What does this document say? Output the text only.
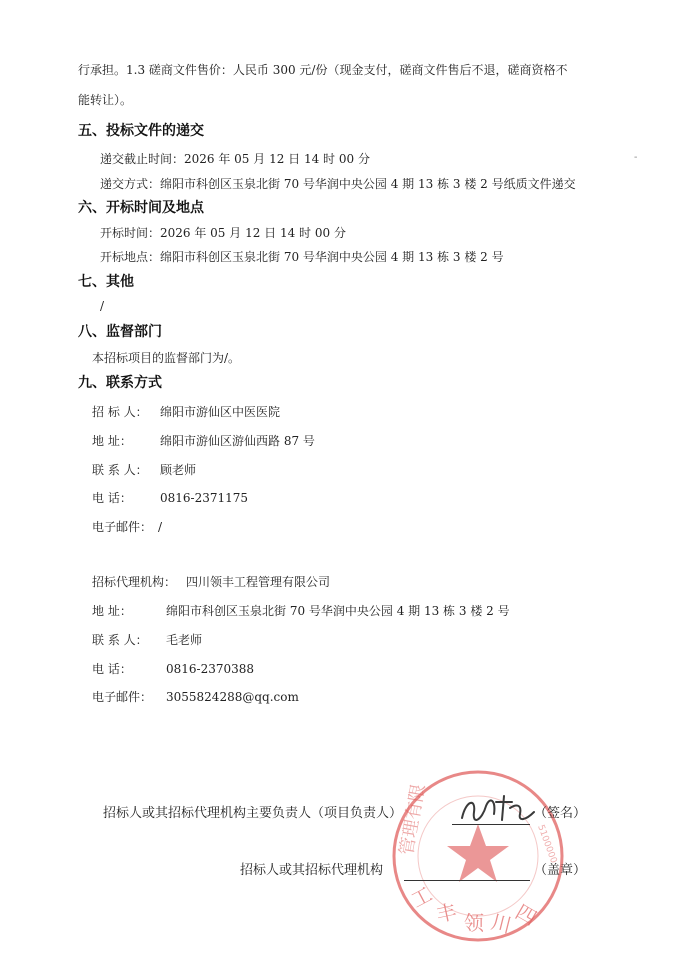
行承担。1.3 磋商文件售价：人民币 300 元/份（现金支付，磋商文件售后不退，磋商资格不
能转让）。
五、投标文件的递交
递交截止时间：2026 年 05 月 12 日 14 时 00 分
递交方式：绵阳市科创区玉泉北街 70 号华润中央公园 4 期 13 栋 3 楼 2 号纸质文件递交
-
六、开标时间及地点
开标时间：2026 年 05 月 12 日 14 时 00 分
开标地点：绵阳市科创区玉泉北街 70 号华润中央公园 4 期 13 栋 3 楼 2 号
七、其他
/
八、监督部门
本招标项目的监督部门为/。
九、联系方式
招 标 人： 绵阳市游仙区中医医院
地 址： 绵阳市游仙区游仙西路 87 号
联 系 人： 顾老师
电 话： 0816-2371175
电子邮件： /
招标代理机构： 四川领丰工程管理有限公司
地 址：	绵阳市科创区玉泉北街 70 号华润中央公园 4 期 13 栋 3 楼 2 号
联 系 人： 毛老师
电 话：	0816-2370388
电子邮件： 3055824288@qq.com
工
丰 领 川
四
管理有限	5100000
招标人或其招标代理机构主要负责人（项目负责人）	（签名）
招标人或其招标代理机构	（盖章）
